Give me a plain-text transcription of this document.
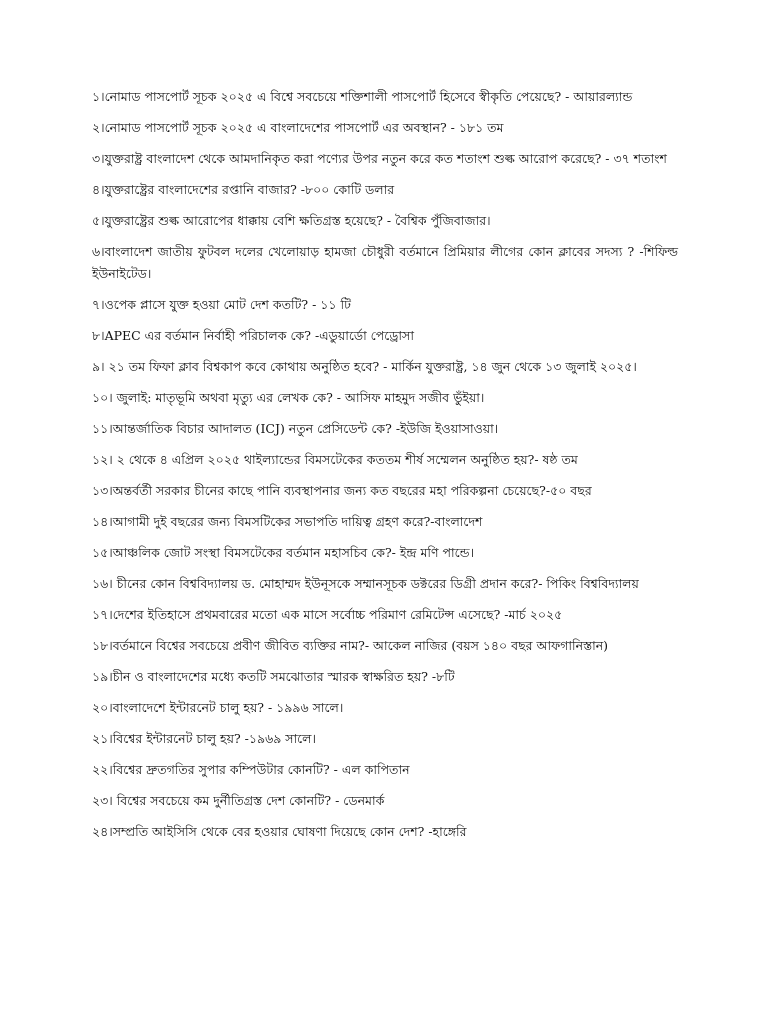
১।নোমাড পাসপোর্ট সূচক ২০২৫ এ বিশ্বে সবচেয়ে শক্তিশালী পাসপোর্ট হিসেবে স্বীকৃতি পেয়েছে? - আয়ারল্যান্ড
২।নোমাড পাসপোর্ট সূচক ২০২৫ এ বাংলাদেশের পাসপোর্ট এর অবস্থান? - ১৮১ তম
৩।যুক্তরাষ্ট্র বাংলাদেশ থেকে আমদানিকৃত করা পণ্যের উপর নতুন করে কত শতাংশ শুল্ক আরোপ করেছে? - ৩৭ শতাংশ
৪।যুক্তরাষ্ট্রের বাংলাদেশের রপ্তানি বাজার? -৮০০ কোটি ডলার
৫।যুক্তরাষ্ট্রের শুল্ক আরোপের ধাক্কায় বেশি ক্ষতিগ্রস্ত হয়েছে? - বৈশ্বিক পুঁজিবাজার।
৬।বাংলাদেশ জাতীয় ফুটবল দলের খেলোয়াড় হামজা চৌধুরী বর্তমানে প্রিমিয়ার লীগের কোন ক্লাবের সদস্য ? -শিফিল্ড ইউনাইটেড।
৭।ওপেক প্লাসে যুক্ত হওয়া মোট দেশ কতটি? - ১১ টি
৮।APEC এর বর্তমান নির্বাহী পরিচালক কে? -এডুয়ার্ডো পেড্রোসা
৯। ২১ তম ফিফা ক্লাব বিশ্বকাপ কবে কোথায় অনুষ্ঠিত হবে? - মার্কিন যুক্তরাষ্ট্র, ১৪ জুন থেকে ১৩ জুলাই ২০২৫।
১০। জুলাই: মাতৃভূমি অথবা মৃত্যু এর লেখক কে? - আসিফ মাহমুদ সজীব ভুঁইয়া।
১১।আন্তর্জাতিক বিচার আদালত (ICJ) নতুন প্রেসিডেন্ট কে? -ইউজি ইওয়াসাওয়া।
১২। ২ থেকে ৪ এপ্রিল ২০২৫ থাইল্যান্ডের বিমসটেকের কততম শীর্ষ সম্মেলন অনুষ্ঠিত হয়?- ষষ্ঠ তম
১৩।অন্তর্বর্তী সরকার চীনের কাছে পানি ব্যবস্থাপনার জন্য কত বছরের মহা পরিকল্পনা চেয়েছে?-৫০ বছর
১৪।আগামী দুই বছরের জন্য বিমসটিকের সভাপতি দায়িত্ব গ্রহণ করে?-বাংলাদেশ
১৫।আঞ্চলিক জোট সংস্থা বিমসটেকের বর্তমান মহাসচিব কে?- ইন্দ্র মণি পান্ডে।
১৬। চীনের কোন বিশ্ববিদ্যালয় ড. মোহাম্মদ ইউনূসকে সম্মানসূচক ডক্টরের ডিগ্রী প্রদান করে?- পিকিং বিশ্ববিদ্যালয়
১৭।দেশের ইতিহাসে প্রথমবারের মতো এক মাসে সর্বোচ্চ পরিমাণ রেমিটেন্স এসেছে? -মার্চ ২০২৫
১৮।বর্তমানে বিশ্বের সবচেয়ে প্রবীণ জীবিত ব্যক্তির নাম?- আকেল নাজির (বয়স ১৪০ বছর আফগানিস্তান)
১৯।চীন ও বাংলাদেশের মধ্যে কতটি সমঝোতার স্মারক স্বাক্ষরিত হয়? -৮টি
২০।বাংলাদেশে ইন্টারনেট চালু হয়? - ১৯৯৬ সালে।
২১।বিশ্বের ইন্টারনেট চালু হয়? -১৯৬৯ সালে।
২২।বিশ্বের দ্রুতগতির সুপার কম্পিউটার কোনটি? - এল কাপিতান
২৩। বিশ্বের সবচেয়ে কম দুর্নীতিগ্রস্ত দেশ কোনটি? - ডেনমার্ক
২৪।সম্প্রতি আইসিসি থেকে বের হওয়ার ঘোষণা দিয়েছে কোন দেশ? -হাঙ্গেরি
